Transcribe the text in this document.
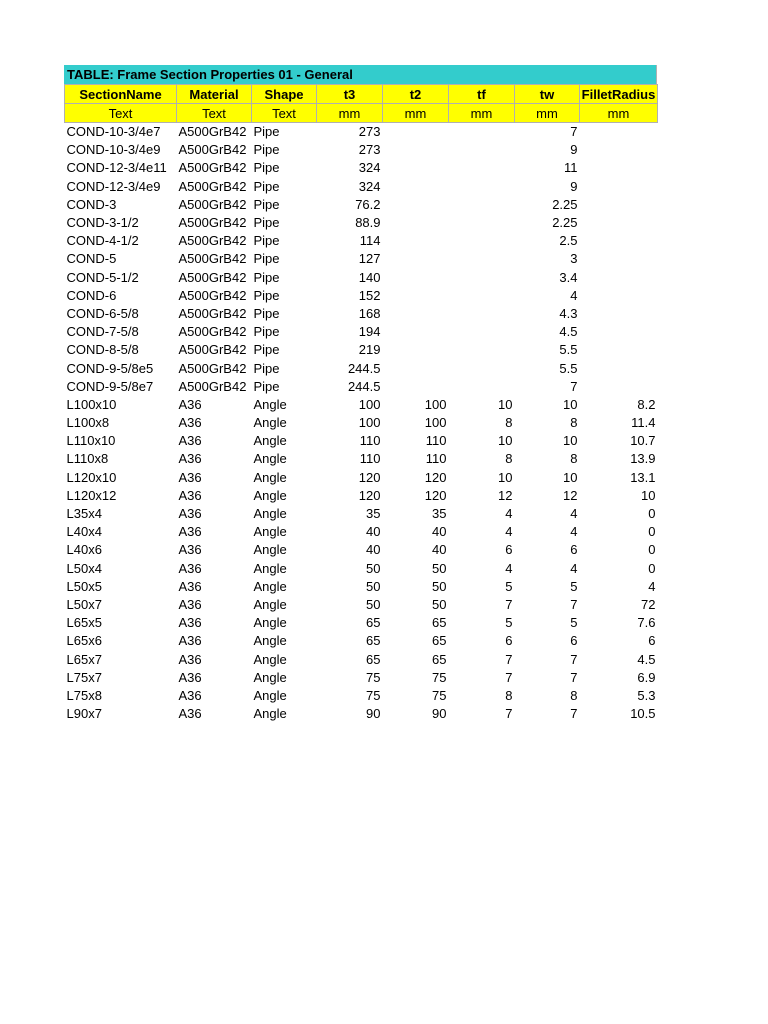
TABLE: Frame Section Properties 01 - General
SectionName	Material	Shape	t3	t2	tf	tw	FilletRadius
Text	Text	Text	mm	mm	mm	mm	mm
COND-10-3/4e7	A500GrB42	Pipe	273			7	
COND-10-3/4e9	A500GrB42	Pipe	273			9	
COND-12-3/4e11	A500GrB42	Pipe	324			11	
COND-12-3/4e9	A500GrB42	Pipe	324			9	
COND-3	A500GrB42	Pipe	76.2			2.25	
COND-3-1/2	A500GrB42	Pipe	88.9			2.25	
COND-4-1/2	A500GrB42	Pipe	114			2.5	
COND-5	A500GrB42	Pipe	127			3	
COND-5-1/2	A500GrB42	Pipe	140			3.4	
COND-6	A500GrB42	Pipe	152			4	
COND-6-5/8	A500GrB42	Pipe	168			4.3	
COND-7-5/8	A500GrB42	Pipe	194			4.5	
COND-8-5/8	A500GrB42	Pipe	219			5.5	
COND-9-5/8e5	A500GrB42	Pipe	244.5			5.5	
COND-9-5/8e7	A500GrB42	Pipe	244.5			7	
L100x10	A36	Angle	100	100	10	10	8.2
L100x8	A36	Angle	100	100	8	8	11.4
L110x10	A36	Angle	110	110	10	10	10.7
L110x8	A36	Angle	110	110	8	8	13.9
L120x10	A36	Angle	120	120	10	10	13.1
L120x12	A36	Angle	120	120	12	12	10
L35x4	A36	Angle	35	35	4	4	0
L40x4	A36	Angle	40	40	4	4	0
L40x6	A36	Angle	40	40	6	6	0
L50x4	A36	Angle	50	50	4	4	0
L50x5	A36	Angle	50	50	5	5	4
L50x7	A36	Angle	50	50	7	7	72
L65x5	A36	Angle	65	65	5	5	7.6
L65x6	A36	Angle	65	65	6	6	6
L65x7	A36	Angle	65	65	7	7	4.5
L75x7	A36	Angle	75	75	7	7	6.9
L75x8	A36	Angle	75	75	8	8	5.3
L90x7	A36	Angle	90	90	7	7	10.5
